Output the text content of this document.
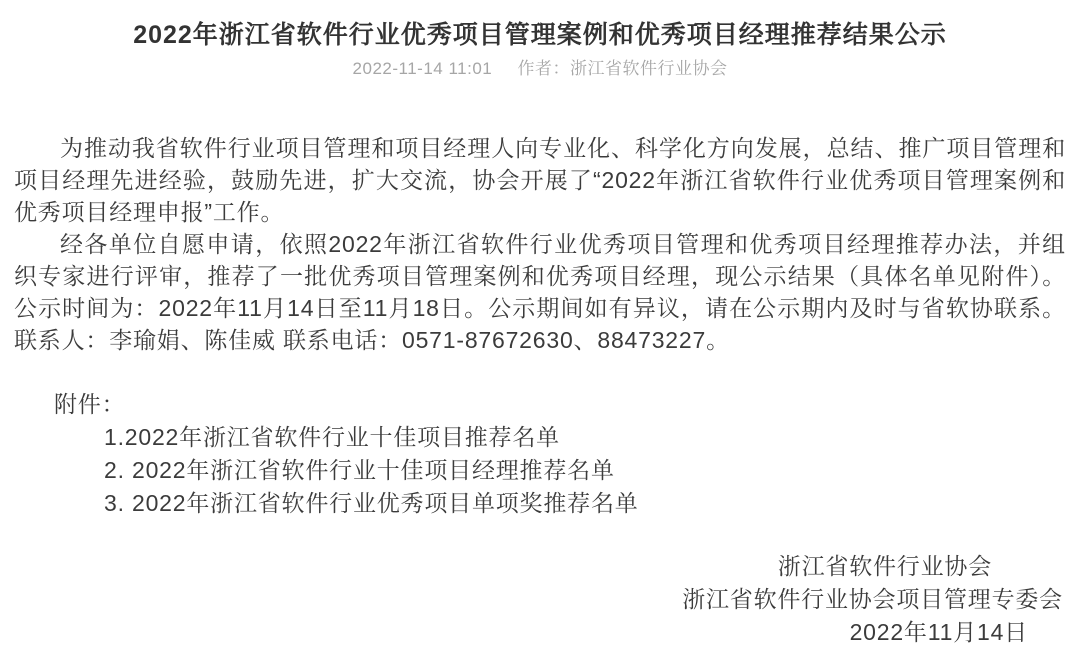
2022年浙江省软件行业优秀项目管理案例和优秀项目经理推荐结果公示
2022-11-14 11:01 作者：浙江省软件行业协会

为推动我省软件行业项目管理和项目经理人向专业化、科学化方向发展，总结、推广项目管理和项目经理先进经验，鼓励先进，扩大交流，协会开展了“2022年浙江省软件行业优秀项目管理案例和优秀项目经理申报”工作。

经各单位自愿申请，依照2022年浙江省软件行业优秀项目管理和优秀项目经理推荐办法，并组织专家进行评审，推荐了一批优秀项目管理案例和优秀项目经理，现公示结果（具体名单见附件）。公示时间为：2022年11月14日至11月18日。公示期间如有异议，请在公示期内及时与省软协联系。 联系人：李瑜娟、陈佳威 联系电话：0571-87672630、88473227。

附件：
1.2022年浙江省软件行业十佳项目推荐名单
2. 2022年浙江省软件行业十佳项目经理推荐名单
3. 2022年浙江省软件行业优秀项目单项奖推荐名单
浙江省软件行业协会
浙江省软件行业协会项目管理专委会
2022年11月14日
